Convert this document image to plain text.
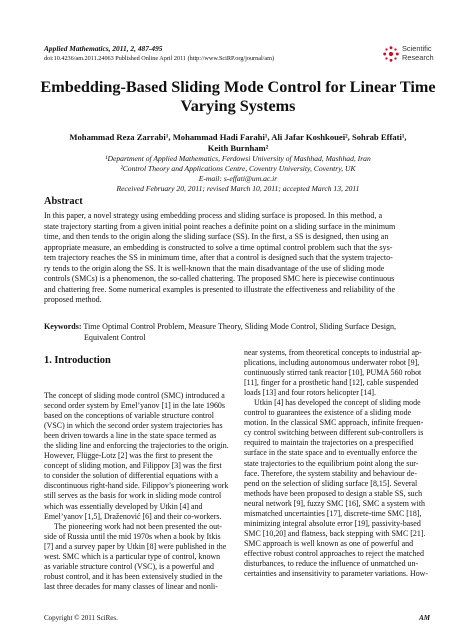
Applied Mathematics, 2011, 2, 487-495
doi:10.4236/am.2011.24063 Published Online April 2011 (http://www.SciRP.org/journal/am)
Scientific
Research
Embedding-Based Sliding Mode Control for Linear Time
Varying Systems
Mohammad Reza Zarrabi¹, Mohammad Hadi Farahi¹, Ali Jafar Koshkouei², Sohrab Effati¹,
Keith Burnham²
¹Department of Applied Mathematics, Ferdowsi University of Mashhad, Mashhad, Iran
²Control Theory and Applications Centre, Coventry University, Coventry, UK
E-mail: s-effati@um.ac.ir
Received February 20, 2011; revised March 10, 2011; accepted March 13, 2011
Abstract
In this paper, a novel strategy using embedding process and sliding surface is proposed. In this method, a
state trajectory starting from a given initial point reaches a definite point on a sliding surface in the minimum
time, and then tends to the origin along the sliding surface (SS). In the first, a SS is designed, then using an
appropriate measure, an embedding is constructed to solve a time optimal control problem such that the sys-
tem trajectory reaches the SS in minimum time, after that a control is designed such that the system trajecto-
ry tends to the origin along the SS. It is well-known that the main disadvantage of the use of sliding mode
controls (SMCs) is a phenomenon, the so-called chattering. The proposed SMC here is piecewise continuous
and chattering free. Some numerical examples is presented to illustrate the effectiveness and reliability of the
proposed method.
Keywords: Time Optimal Control Problem, Measure Theory, Sliding Mode Control, Sliding Surface Design,
Equivalent Control
1. Introduction
The concept of sliding mode control (SMC) introduced a
second order system by Emel’yanov [1] in the late 1960s
based on the conceptions of variable structure control
(VSC) in which the second order system trajectories has
been driven towards a line in the state space termed as
the sliding line and enforcing the trajectories to the origin.
However, Flügge-Lotz [2] was the first to present the
concept of sliding motion, and Filippov [3] was the first
to consider the solution of differential equations with a
discontinuous right-hand side. Filippov’s pioneering work
still serves as the basis for work in sliding mode control
which was essentially developed by Utkin [4] and
Emel’yanov [1,5], Draženović [6] and their co-workers.
The pioneering work had not been presented the out-
side of Russia until the mid 1970s when a book by Itkis
[7] and a survey paper by Utkin [8] were published in the
west. SMC which is a particular type of control, known
as variable structure control (VSC), is a powerful and
robust control, and it has been extensively studied in the
last three decades for many classes of linear and nonli-
near systems, from theoretical concepts to industrial ap-
plications, including autonomous underwater robot [9],
continuously stirred tank reactor [10], PUMA 560 robot
[11], finger for a prosthetic hand [12], cable suspended
loads [13] and four rotors helicopter [14].
Utkin [4] has developed the concept of sliding mode
control to guarantees the existence of a sliding mode
motion. In the classical SMC approach, infinite frequen-
cy control switching between different sub-controllers is
required to maintain the trajectories on a prespecified
surface in the state space and to eventually enforce the
state trajectories to the equilibrium point along the sur-
face. Therefore, the system stability and behaviour de-
pend on the selection of sliding surface [8,15]. Several
methods have been proposed to design a stable SS, such
neural network [9], fuzzy SMC [16], SMC a system with
mismatched uncertainties [17], discrete-time SMC [18],
minimizing integral absolute error [19], passivity-based
SMC [10,20] and flatness, back stepping with SMC [21].
SMC approach is well known as one of powerful and
effective robust control approaches to reject the matched
disturbances, to reduce the influence of unmatched un-
certainties and insensitivity to parameter variations. How-
Copyright © 2011 SciRes.	AM
